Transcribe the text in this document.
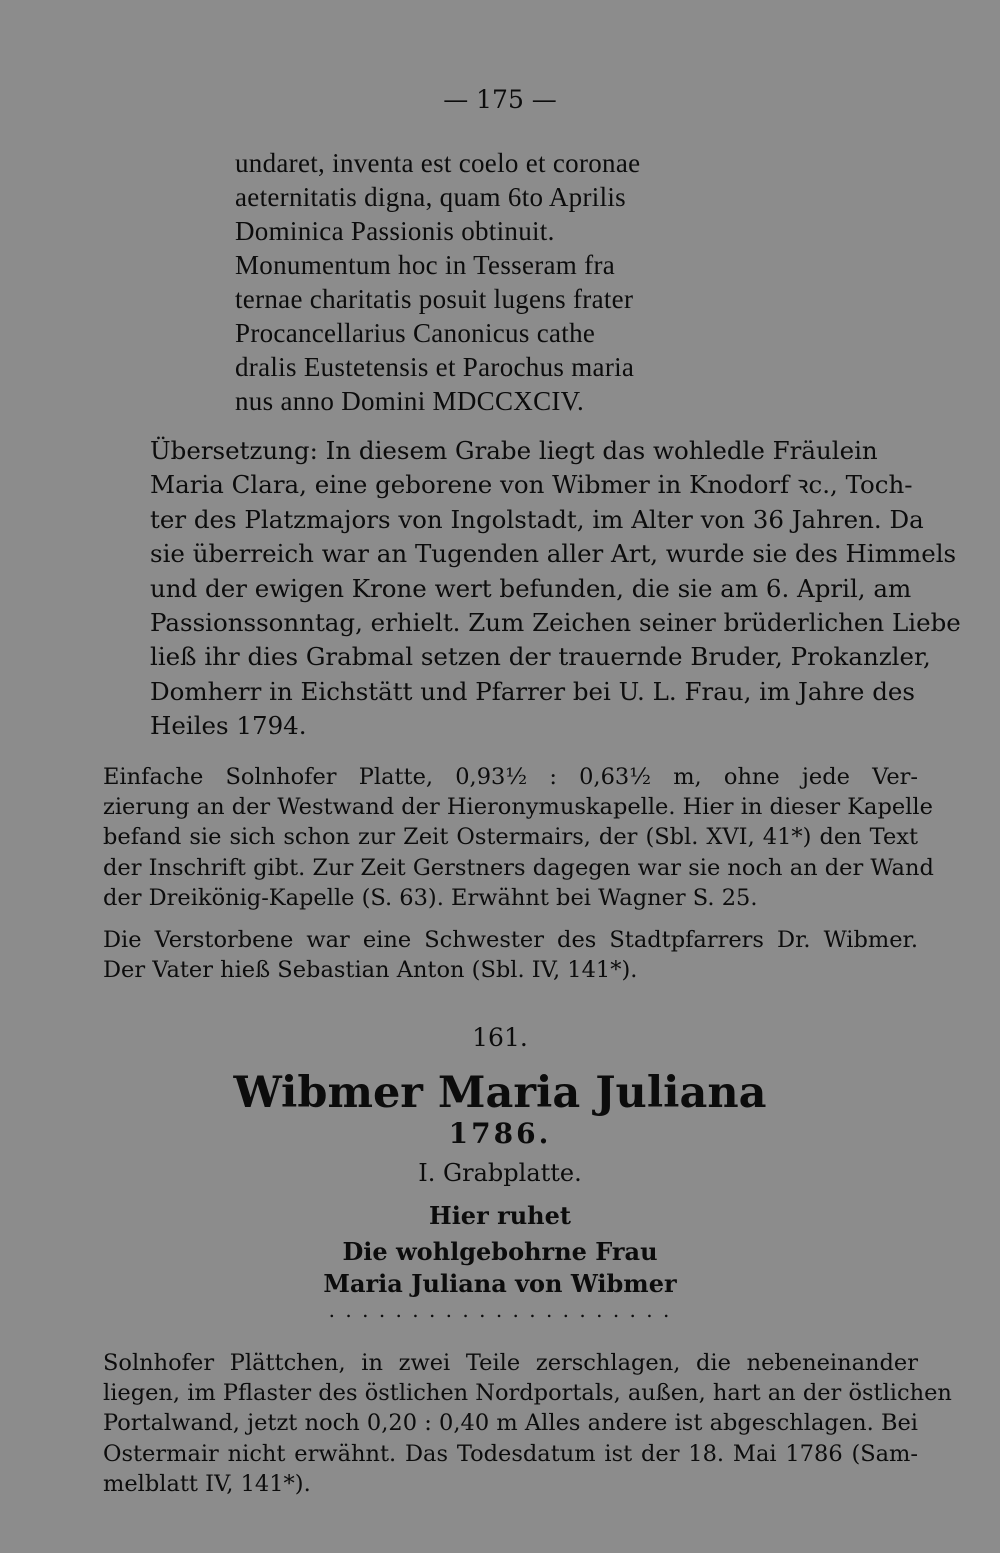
— 175 —
undaret, inventa est coelo et coronae
aeternitatis digna, quam 6to Aprilis
Dominica Passionis obtinuit.
Monumentum hoc in Tesseram fra
ternae charitatis posuit lugens frater
Procancellarius Canonicus cathe
dralis Eustetensis et Parochus maria
nus anno Domini MDCCXCIV.
Übersetzung: In diesem Grabe liegt das wohledle Fräulein
Maria Clara, eine geborene von Wibmer in Knodorf ꝛc., Toch-
ter des Platzmajors von Ingolstadt, im Alter von 36 Jahren. Da
sie überreich war an Tugenden aller Art, wurde sie des Himmels
und der ewigen Krone wert befunden, die sie am 6. April, am
Passionssonntag, erhielt. Zum Zeichen seiner brüderlichen Liebe
ließ ihr dies Grabmal setzen der trauernde Bruder, Prokanzler,
Domherr in Eichstätt und Pfarrer bei U. L. Frau, im Jahre des
Heiles 1794.
Einfache Solnhofer Platte, 0,93½ : 0,63½ m, ohne jede Ver-
zierung an der Westwand der Hieronymuskapelle. Hier in dieser Kapelle
befand sie sich schon zur Zeit Ostermairs, der (Sbl. XVI, 41*) den Text
der Inschrift gibt. Zur Zeit Gerstners dagegen war sie noch an der Wand
der Dreikönig-Kapelle (S. 63). Erwähnt bei Wagner S. 25.
Die Verstorbene war eine Schwester des Stadtpfarrers Dr. Wibmer.
Der Vater hieß Sebastian Anton (Sbl. IV, 141*).
161.
Wibmer Maria Juliana
1786.
I. Grabplatte.
Hier ruhet
Die wohlgebohrne Frau
Maria Juliana von Wibmer
. . . . . . . . . . . . . . . . . . . . .
Solnhofer Plättchen, in zwei Teile zerschlagen, die nebeneinander
liegen, im Pflaster des östlichen Nordportals, außen, hart an der östlichen
Portalwand, jetzt noch 0,20 : 0,40 m Alles andere ist abgeschlagen. Bei
Ostermair nicht erwähnt. Das Todesdatum ist der 18. Mai 1786 (Sam-
melblatt IV, 141*).
